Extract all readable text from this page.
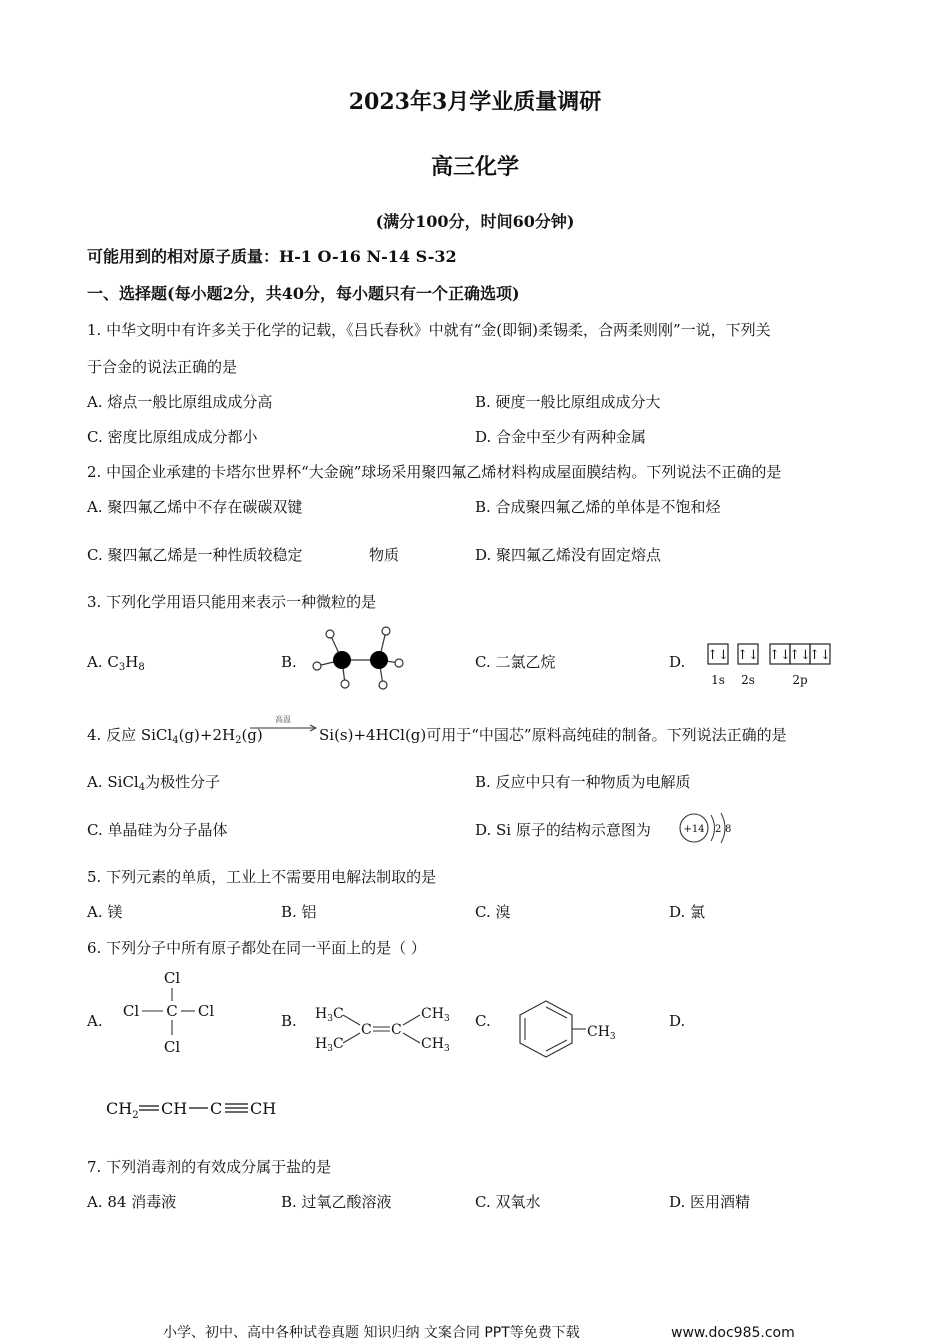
2023年3月学业质量调研
高三化学
(满分100分，时间60分钟)
可能用到的相对原子质量：H-1 O-16 N-14 S-32
一、选择题(每小题2分，共40分，每小题只有一个正确选项)
1. 中华文明中有许多关于化学的记载，《吕氏春秋》中就有“金(即铜)柔锡柔，合两柔则刚”一说，下列关
于合金的说法正确的是
A. 熔点一般比原组成成分高	B. 硬度一般比原组成成分大
C. 密度比原组成成分都小	D. 合金中至少有两种金属
2. 中国企业承建的卡塔尔世界杯“大金碗”球场采用聚四氟乙烯材料构成屋面膜结构。下列说法不正确的是
A. 聚四氟乙烯中不存在碳碳双键	B. 合成聚四氟乙烯的单体是不饱和烃
C. 聚四氟乙烯是一种性质较稳定	物质	D. 聚四氟乙烯没有固定熔点
3. 下列化学用语只能用来表示一种微粒的是
A. $C_3H_8$	B.	C. 二氯乙烷	D. ↑↓ ↑↓ ↑↓
↑↓
↑↓
1s 2s	2p
4. 反应 $SiCl_4(g)+2H_2(g)$
高温
Si(s)+4HCl(g)可用于“中国芯”原料高纯硅的制备。下列说法正确的是
A. SiCl$_4$为极性分子	B. 反应中只有一种物质为电解质
C. 单晶硅为分子晶体	D. Si 原子的结构示意图为	+14 2 8
5. 下列元素的单质，工业上不需要用电解法制取的是
A. 镁	B. 铝	C. 溴	D. 氯
6. 下列分子中所有原子都处在同一平面上的是（ ）
A.
Cl
Cl C Cl
Cl
B. $H_3C$
$H_3C$
$CH_3$
$CH_3$
C C	C.
$CH_3$
D.
$CH_2$ CH C CH
7. 下列消毒剂的有效成分属于盐的是
A. 84 消毒液	B. 过氧乙酸溶液	C. 双氧水	D. 医用酒精
小学、初中、高中各种试卷真题 知识归纳 文案合同 PPT等免费下载	www.doc985.com
